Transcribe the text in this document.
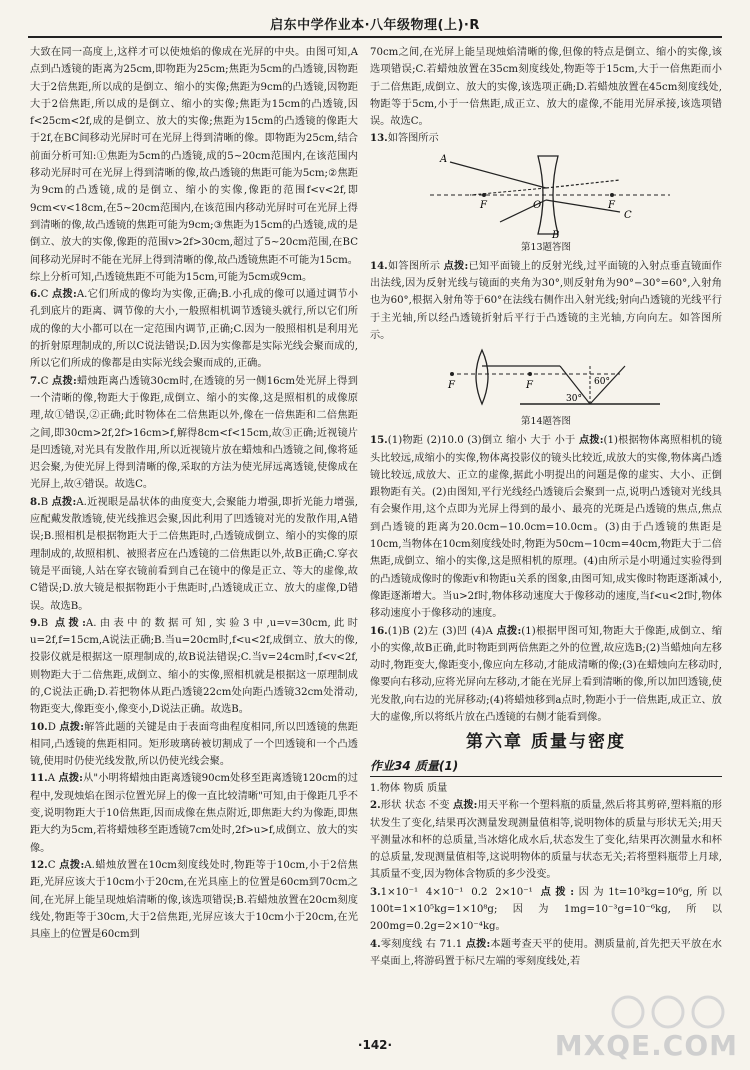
启东中学作业本·八年级物理(上)·R

大致在同一高度上,这样才可以使烛焰的像成在光屏的中央。由图可知,A点到凸透镜的距离为25cm,即物距为25cm;焦距为5cm的凸透镜,因物距大于2倍焦距,所以成的是倒立、缩小的实像;焦距为9cm的凸透镜,因物距大于2倍焦距,所以成的是倒立、缩小的实像;焦距为15cm的凸透镜,因f<25cm<2f,成的是倒立、放大的实像;焦距为15cm的凸透镜的像距大于2f,在BC间移动光屏时可在光屏上得到清晰的像。即物距为25cm,结合前面分析可知:①焦距为5cm的凸透镜,成的5~20cm范围内,在该范围内移动光屏时可在光屏上得到清晰的像,故凸透镜的焦距可能为5cm;②焦距为9cm的凸透镜,成的是倒立、缩小的实像,像距的范围f<v<2f,即9cm<v<18cm,在5~20cm范围内,在该范围内移动光屏时可在光屏上得到清晰的像,故凸透镜的焦距可能为9cm;③焦距为15cm的凸透镜,成的是倒立、放大的实像,像距的范围v>2f>30cm,超过了5~20cm范围,在BC间移动光屏时不能在光屏上得到清晰的像,故凸透镜焦距不可能为15cm。综上分析可知,凸透镜焦距不可能为15cm,可能为5cm或9cm。

6.C 点拨:A.它们所成的像均为实像,正确;B.小孔成的像可以通过调节小孔到底片的距离、调节像的大小,一般照相机调节透镜头就行,所以它们所成的像的大小都可以在一定范围内调节,正确;C.因为一般照相机是利用光的折射原理制成的,所以C说法错误;D.因为实像都是实际光线会聚而成的,所以它们所成的像都是由实际光线会聚而成的,正确。

7.C 点拨:蜡烛距离凸透镜30cm时,在透镜的另一侧16cm处光屏上得到一个清晰的像,物距大于像距,成倒立、缩小的实像,这是照相机的成像原理,故①错误,②正确;此时物体在二倍焦距以外,像在一倍焦距和二倍焦距之间,即30cm>2f,2f>16cm>f,解得8cm<f<15cm,故③正确;近视镜片是凹透镜,对光具有发散作用,所以近视镜片放在蜡烛和凸透镜之间,像将延迟会聚,为使光屏上得到清晰的像,采取的方法为使光屏远离透镜,使像成在光屏上,故④错误。故选C。

8.B 点拨:A.近视眼是晶状体的曲度变大,会聚能力增强,即折光能力增强,应配戴发散透镜,使光线推迟会聚,因此利用了凹透镜对光的发散作用,A错误;B.照相机是根据物距大于二倍焦距时,凸透镜成倒立、缩小的实像的原理制成的,故照相机、被照者应在凸透镜的二倍焦距以外,故B正确;C.穿衣镜是平面镜,人站在穿衣镜前看到自己在镜中的像是正立、等大的虚像,故C错误;D.放大镜是根据物距小于焦距时,凸透镜成正立、放大的虚像,D错误。故选B。

9.B 点拨:A.由表中的数据可知,实验3中,u=v=30cm,此时u=2f,f=15cm,A说法正确;B.当u=20cm时,f<u<2f,成倒立、放大的像,投影仪就是根据这一原理制成的,故B说法错误;C.当v=24cm时,f<v<2f,则物距大于二倍焦距,成倒立、缩小的实像,照相机就是根据这一原理制成的,C说法正确;D.若把物体从距凸透镜22cm处向距凸透镜32cm处滑动,物距变大,像距变小,像变小,D说法正确。故选B。

10.D 点拨:解答此题的关键是由于表面弯曲程度相同,所以凹透镜的焦距相同,凸透镜的焦距相同。矩形玻璃砖被切割成了一个凹透镜和一个凸透镜,使用时仍使光线发散,所以仍使光线会聚。

11.A 点拨:从"小明将蜡烛由距离透镜90cm处移至距离透镜120cm的过程中,发现烛焰在图示位置光屏上的像一直比较清晰"可知,由于像距几乎不变,说明物距大于10倍焦距,因而成像在焦点附近,即焦距大约为像距,即焦距大约为5cm,若将蜡烛移至距透镜7cm处时,2f>u>f,成倒立、放大的实像。

12.C 点拨:A.蜡烛放置在10cm刻度线处时,物距等于10cm,小于2倍焦距,光屏应该大于10cm小于20cm,在光具座上的位置是60cm到70cm之间,在光屏上能呈现烛焰清晰的像,该选项错误;B.若蜡烛放置在20cm刻度线处,物距等于30cm,大于2倍焦距,光屏应该大于10cm小于20cm,在光具座上的位置是60cm到

70cm之间,在光屏上能呈现烛焰清晰的像,但像的特点是倒立、缩小的实像,该选项错误;C.若蜡烛放置在35cm刻度线处,物距等于15cm,大于一倍焦距而小于二倍焦距,成倒立、放大的实像,该选项正确;D.若蜡烛放置在45cm刻度线处,物距等于5cm,小于一倍焦距,成正立、放大的虚像,不能用光屏承接,该选项错误。故选C。

13.如答图所示

A
F	O	F
C
B
第13题答图

14.如答图所示 点拨:已知平面镜上的反射光线,过平面镜的入射点垂直镜面作出法线,因为反射光线与镜面的夹角为30°,则反射角为90°−30°=60°,入射角也为60°,根据入射角等于60°在法线右侧作出入射光线;射向凸透镜的光线平行于主光轴,所以经凸透镜折射后平行于凸透镜的主光轴,方向向左。如答图所示。

F	F
30°
60°
第14题答图

15.(1)物距 (2)10.0 (3)倒立 缩小 大于 小于 点拨:(1)根据物体离照相机的镜头比较远,成缩小的实像,物体离投影仪的镜头比较近,成放大的实像,物体离凸透镜比较远,成放大、正立的虚像,据此小明提出的问题是像的虚实、大小、正倒跟物距有关。(2)由图知,平行光线经凸透镜后会聚到一点,说明凸透镜对光线具有会聚作用,这个点即为光屏上得到的最小、最亮的光斑是凸透镜的焦点,焦点到凸透镜的距离为20.0cm−10.0cm=10.0cm。(3)由于凸透镜的焦距是10cm,当物体在10cm刻度线处时,物距为50cm−10cm=40cm,物距大于二倍焦距,成倒立、缩小的实像,这是照相机的原理。(4)由所示是小明通过实验得到的凸透镜成像时的像距v和物距u关系的图象,由图可知,成实像时物距逐渐减小,像距逐渐增大。当u>2f时,物体移动速度大于像移动的速度,当f<u<2f时,物体移动速度小于像移动的速度。

16.(1)B (2)左 (3)凹 (4)A 点拨:(1)根据甲图可知,物距大于像距,成倒立、缩小的实像,故B正确,此时物距到两倍焦距之外的位置,故应选B;(2)当蜡烛向左移动时,物距变大,像距变小,像应向左移动,才能成清晰的像;(3)在蜡烛向左移动时,像要向右移动,应将光屏向左移动,才能在光屏上看到清晰的像,所以加凹透镜,使光发散,向右边的光屏移动;(4)将蜡烛移到a点时,物距小于一倍焦距,成正立、放大的虚像,所以将纸片放在凸透镜的右侧才能看到像。

第六章 质量与密度
作业34 质量(1)

1.物体 物质 质量

2.形状 状态 不变 点拨:用天平称一个塑料瓶的质量,然后将其剪碎,塑料瓶的形状发生了变化,结果再次测量发现测量值相等,说明物体的质量与形状无关;用天平测量冰和杯的总质量,当冰熔化成水后,状态发生了变化,结果再次测量水和杯的总质量,发现测量值相等,这说明物体的质量与状态无关;若将塑料瓶带上月球,其质量不变,因为物体含物质的多少没变。

3.1×10⁻¹ 4×10⁻¹ 0.2 2×10⁻¹ 点拨:因为1t=10³kg=10⁶g,所以100t=1×10⁵kg=1×10⁸g;因为1mg=10⁻³g=10⁻⁶kg,所以200mg=0.2g=2×10⁻⁴kg。

4.零刻度线 右 71.1 点拨:本题考查天平的使用。测质量前,首先把天平放在水平桌面上,将游码置于标尺左端的零刻度线处,若

·142·	MXQE.COM
